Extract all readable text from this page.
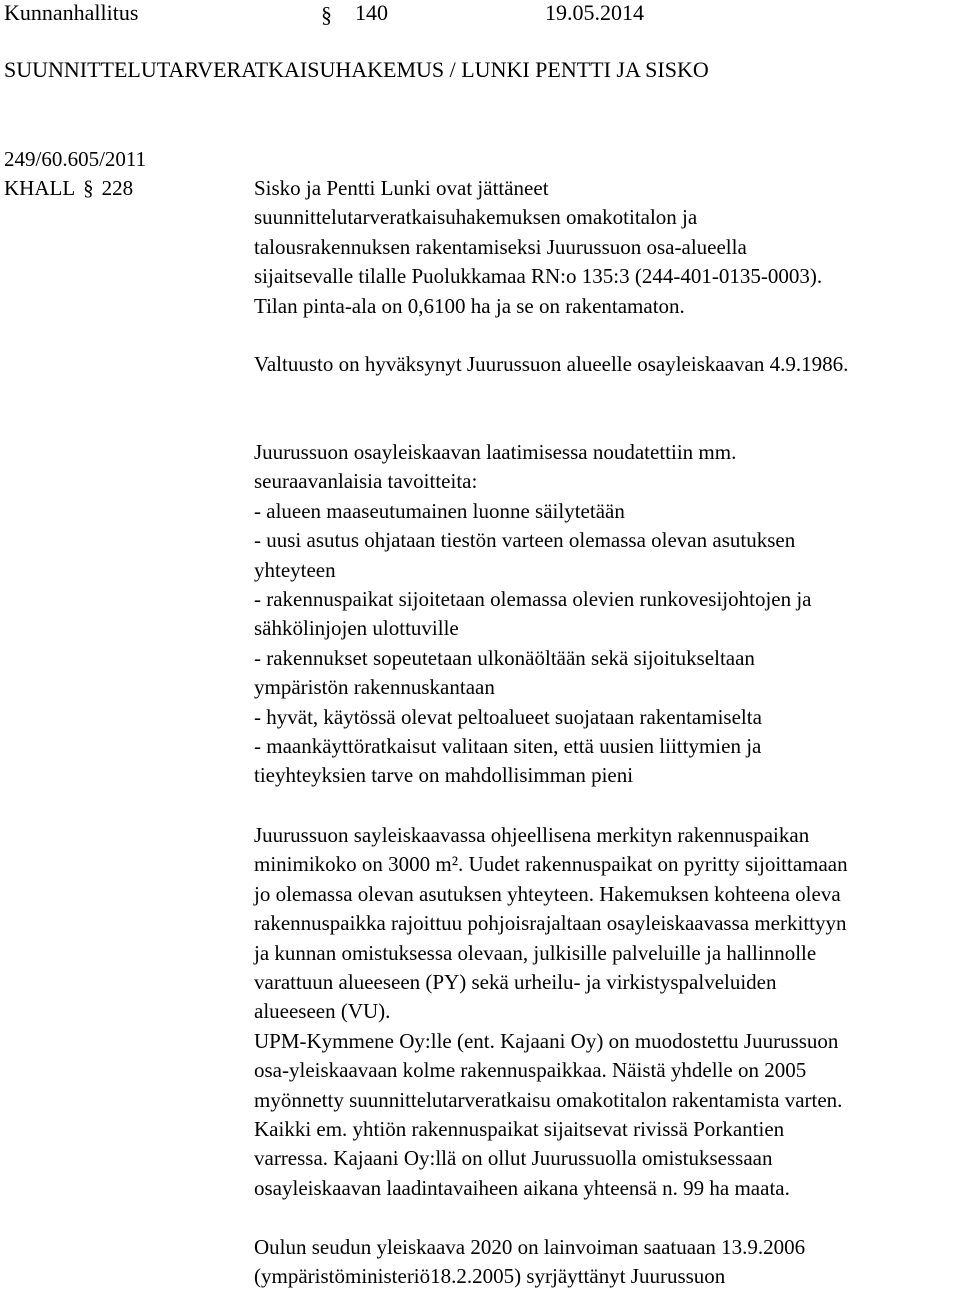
Kunnanhallitus	§ 140	19.05.2014
SUUNNITTELUTARVERATKAISUHAKEMUS / LUNKI PENTTI JA SISKO
249/60.605/2011
KHALL § 228	Sisko ja Pentti Lunki ovat jättäneet
suunnittelutarveratkaisuhakemuksen omakotitalon ja
talousrakennuksen rakentamiseksi Juurussuon osa-alueella
sijaitsevalle tilalle Puolukkamaa RN:o 135:3 (244-401-0135-0003).
Tilan pinta-ala on 0,6100 ha ja se on rakentamaton.
Valtuusto on hyväksynyt Juurussuon alueelle osayleiskaavan 4.9.1986.
Juurussuon osayleiskaavan laatimisessa noudatettiin mm.
seuraavanlaisia tavoitteita:
- alueen maaseutumainen luonne säilytetään
- uusi asutus ohjataan tiestön varteen olemassa olevan asutuksen
yhteyteen
- rakennuspaikat sijoitetaan olemassa olevien runkovesijohtojen ja
sähkölinjojen ulottuville
- rakennukset sopeutetaan ulkonäöltään sekä sijoitukseltaan
ympäristön rakennuskantaan
- hyvät, käytössä olevat peltoalueet suojataan rakentamiselta
- maankäyttöratkaisut valitaan siten, että uusien liittymien ja
tieyhteyksien tarve on mahdollisimman pieni
Juurussuon sayleiskaavassa ohjeellisena merkityn rakennuspaikan
minimikoko on 3000 m². Uudet rakennuspaikat on pyritty sijoittamaan
jo olemassa olevan asutuksen yhteyteen. Hakemuksen kohteena oleva
rakennuspaikka rajoittuu pohjoisrajaltaan osayleiskaavassa merkittyyn
ja kunnan omistuksessa olevaan, julkisille palveluille ja hallinnolle
varattuun alueeseen (PY) sekä urheilu- ja virkistyspalveluiden
alueeseen (VU).
UPM-Kymmene Oy:lle (ent. Kajaani Oy) on muodostettu Juurussuon
osa-yleiskaavaan kolme rakennuspaikkaa. Näistä yhdelle on 2005
myönnetty suunnittelutarveratkaisu omakotitalon rakentamista varten.
Kaikki em. yhtiön rakennuspaikat sijaitsevat rivissä Porkantien
varressa. Kajaani Oy:llä on ollut Juurussuolla omistuksessaan
osayleiskaavan laadintavaiheen aikana yhteensä n. 99 ha maata.
Oulun seudun yleiskaava 2020 on lainvoiman saatuaan 13.9.2006
(ympäristöministeriö18.2.2005) syrjäyttänyt Juurussuon
